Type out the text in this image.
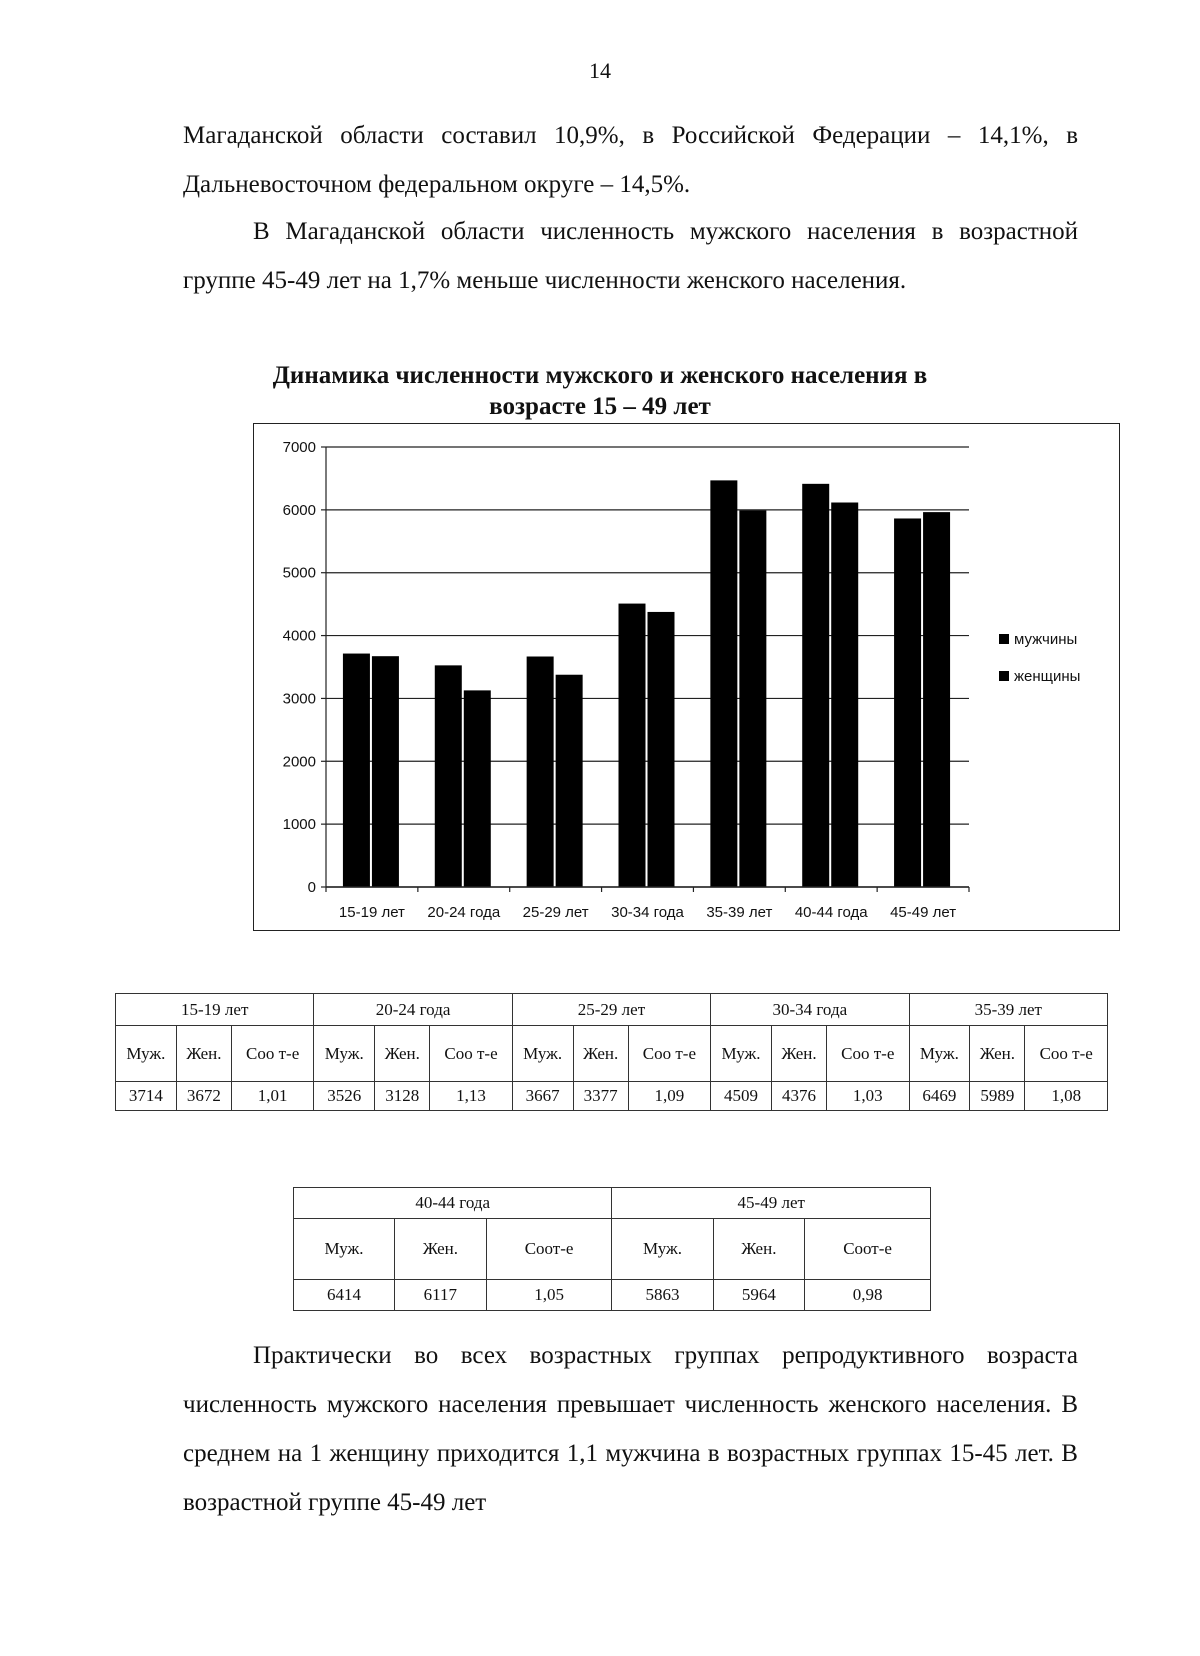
14
Магаданской области составил 10,9%, в Российской Федерации – 14,1%, в
Дальневосточном федеральном округе – 14,5%.

В Магаданской области численность мужского населения в возрастной группе 45-49 лет на 1,7% меньше численности женского населения.

Динамика численности мужского и женского населения в возрасте 15 – 49 лет
0
1000
2000
3000
4000
5000
6000
7000
15-19 лет 20-24 года 25-29 лет 30-34 года 35-39 лет 40-44 года 45-49 лет
мужчины
женщины
15-19 лет			20-24 года			25-29 лет			30-34 года			35-39 лет		
Муж.	Жен.	Соо т-е	Муж.	Жен.	Соо т-е	Муж.	Жен.	Соо т-е	Муж.	Жен.	Соо т-е	Муж.	Жен.	Соо т-е
3714	3672	1,01	3526	3128	1,13	3667	3377	1,09	4509	4376	1,03	6469	5989	1,08
40-44 года			45-49 лет		
Муж.	Жен.	Соот-е	Муж.	Жен.	Соот-е
6414	6117	1,05	5863	5964	0,98

Практически во всех возрастных группах репродуктивного возраста численность мужского населения превышает численность женского населения. В среднем на 1 женщину приходится 1,1 мужчина в возрастных группах 15-45 лет. В возрастной группе 45-49 лет
